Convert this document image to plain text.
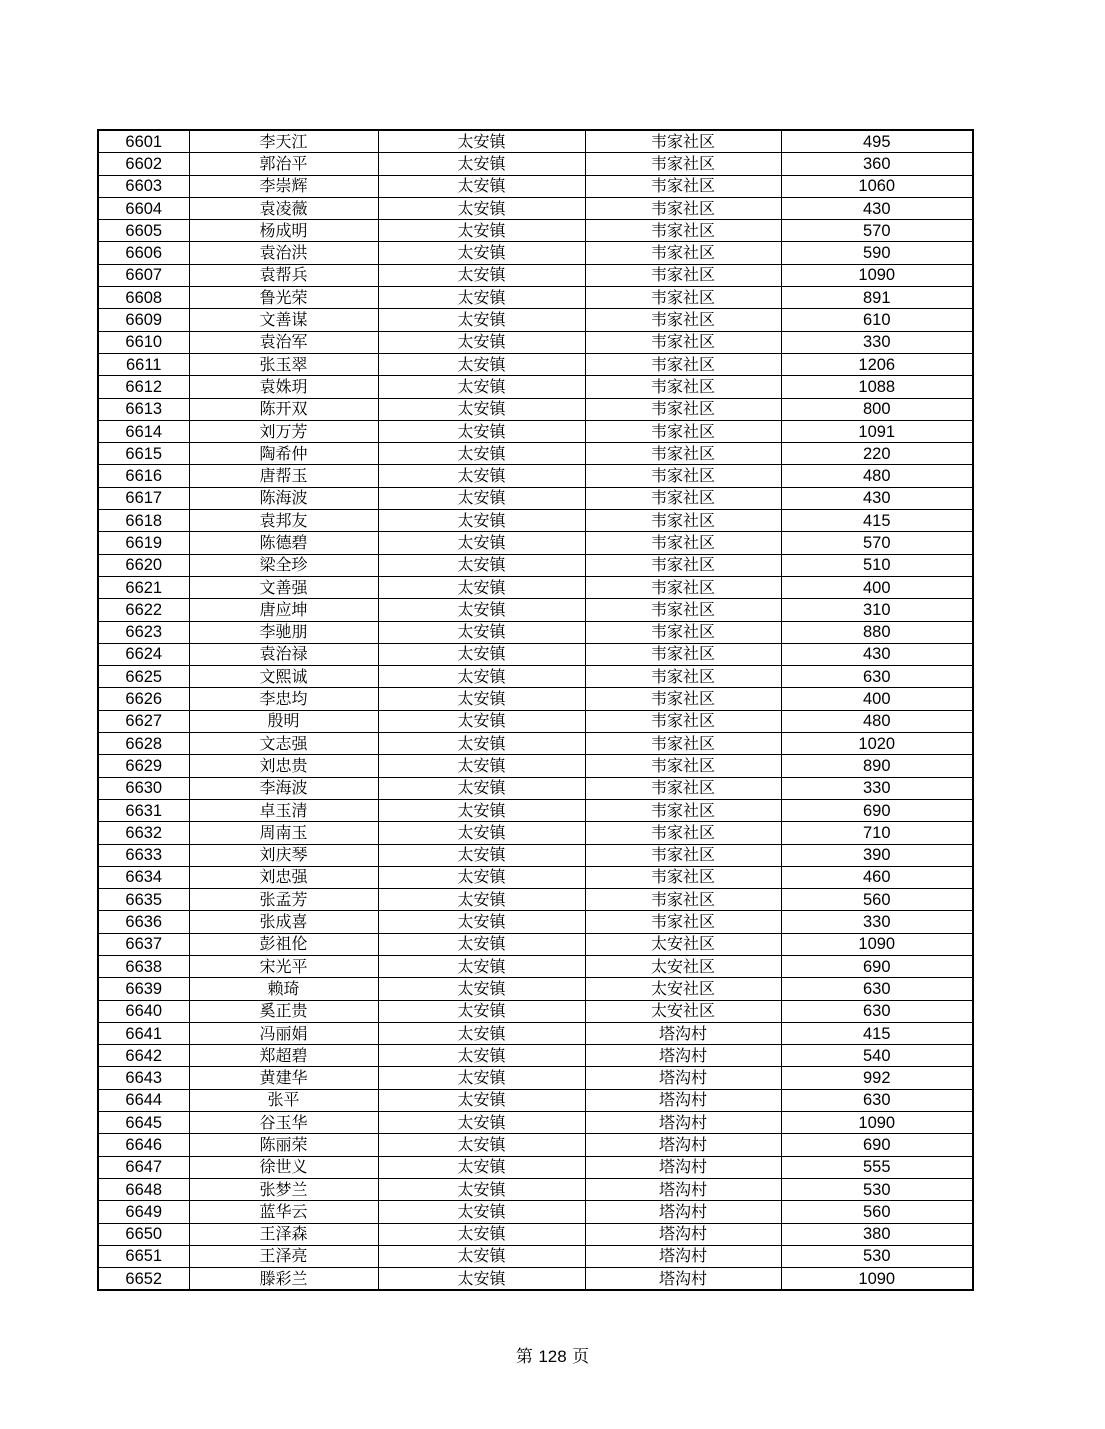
6601	李天江	太安镇	韦家社区	495
6602	郭治平	太安镇	韦家社区	360
6603	李崇辉	太安镇	韦家社区	1060
6604	袁凌薇	太安镇	韦家社区	430
6605	杨成明	太安镇	韦家社区	570
6606	袁治洪	太安镇	韦家社区	590
6607	袁帮兵	太安镇	韦家社区	1090
6608	鲁光荣	太安镇	韦家社区	891
6609	文善谋	太安镇	韦家社区	610
6610	袁治军	太安镇	韦家社区	330
6611	张玉翠	太安镇	韦家社区	1206
6612	袁姝玥	太安镇	韦家社区	1088
6613	陈开双	太安镇	韦家社区	800
6614	刘万芳	太安镇	韦家社区	1091
6615	陶希仲	太安镇	韦家社区	220
6616	唐帮玉	太安镇	韦家社区	480
6617	陈海波	太安镇	韦家社区	430
6618	袁邦友	太安镇	韦家社区	415
6619	陈德碧	太安镇	韦家社区	570
6620	梁全珍	太安镇	韦家社区	510
6621	文善强	太安镇	韦家社区	400
6622	唐应坤	太安镇	韦家社区	310
6623	李驰朋	太安镇	韦家社区	880
6624	袁治禄	太安镇	韦家社区	430
6625	文熙诚	太安镇	韦家社区	630
6626	李忠均	太安镇	韦家社区	400
6627	殷明	太安镇	韦家社区	480
6628	文志强	太安镇	韦家社区	1020
6629	刘忠贵	太安镇	韦家社区	890
6630	李海波	太安镇	韦家社区	330
6631	卓玉清	太安镇	韦家社区	690
6632	周南玉	太安镇	韦家社区	710
6633	刘庆琴	太安镇	韦家社区	390
6634	刘忠强	太安镇	韦家社区	460
6635	张孟芳	太安镇	韦家社区	560
6636	张成喜	太安镇	韦家社区	330
6637	彭祖伦	太安镇	太安社区	1090
6638	宋光平	太安镇	太安社区	690
6639	赖琦	太安镇	太安社区	630
6640	奚正贵	太安镇	太安社区	630
6641	冯丽娟	太安镇	塔沟村	415
6642	郑超碧	太安镇	塔沟村	540
6643	黄建华	太安镇	塔沟村	992
6644	张平	太安镇	塔沟村	630
6645	谷玉华	太安镇	塔沟村	1090
6646	陈丽荣	太安镇	塔沟村	690
6647	徐世义	太安镇	塔沟村	555
6648	张梦兰	太安镇	塔沟村	530
6649	蓝华云	太安镇	塔沟村	560
6650	王泽森	太安镇	塔沟村	380
6651	王泽亮	太安镇	塔沟村	530
6652	滕彩兰	太安镇	塔沟村	1090
第 128 页
